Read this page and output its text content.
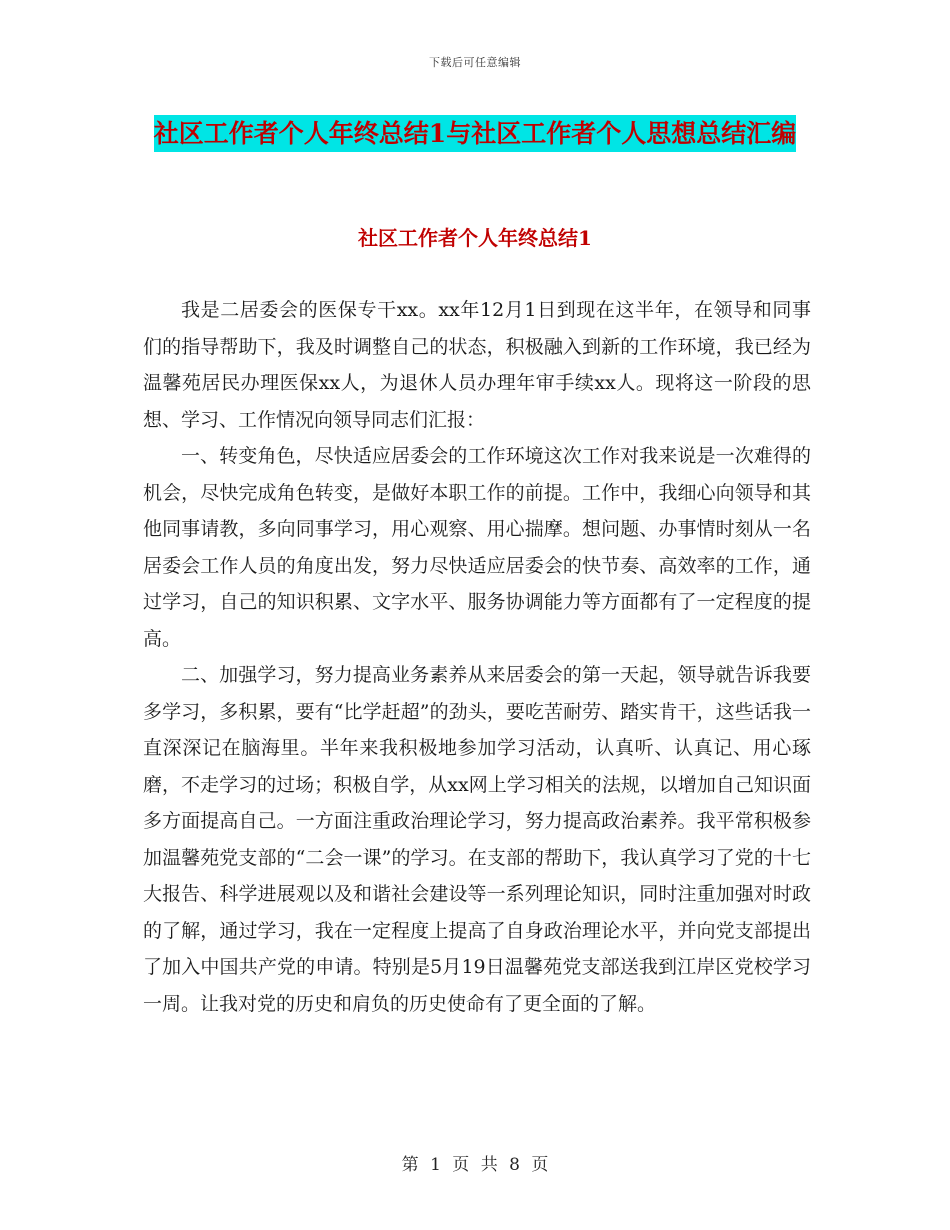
下载后可任意编辑
社区工作者个人年终总结1与社区工作者个人思想总结汇编
社区工作者个人年终总结1

我是二居委会的医保专干xx。xx年12月1日到现在这半年，在领导和同事们的指导帮助下，我及时调整自己的状态，积极融入到新的工作环境，我已经为温馨苑居民办理医保xx人，为退休人员办理年审手续xx人。现将这一阶段的思想、学习、工作情况向领导同志们汇报：

一、转变角色，尽快适应居委会的工作环境这次工作对我来说是一次难得的机会，尽快完成角色转变，是做好本职工作的前提。工作中，我细心向领导和其他同事请教，多向同事学习，用心观察、用心揣摩。想问题、办事情时刻从一名居委会工作人员的角度出发，努力尽快适应居委会的快节奏、高效率的工作，通过学习，自己的知识积累、文字水平、服务协调能力等方面都有了一定程度的提高。

二、加强学习，努力提高业务素养从来居委会的第一天起，领导就告诉我要多学习，多积累，要有“比学赶超”的劲头，要吃苦耐劳、踏实肯干，这些话我一直深深记在脑海里。半年来我积极地参加学习活动，认真听、认真记、用心琢磨，不走学习的过场；积极自学，从xx网上学习相关的法规，以增加自己知识面多方面提高自己。一方面注重政治理论学习，努力提高政治素养。我平常积极参加温馨苑党支部的“二会一课”的学习。在支部的帮助下，我认真学习了党的十七大报告、科学进展观以及和谐社会建设等一系列理论知识，同时注重加强对时政的了解，通过学习，我在一定程度上提高了自身政治理论水平，并向党支部提出了加入中国共产党的申请。特别是5月19日温馨苑党支部送我到江岸区党校学习一周。让我对党的历史和肩负的历史使命有了更全面的了解。

第 1 页 共 8 页
